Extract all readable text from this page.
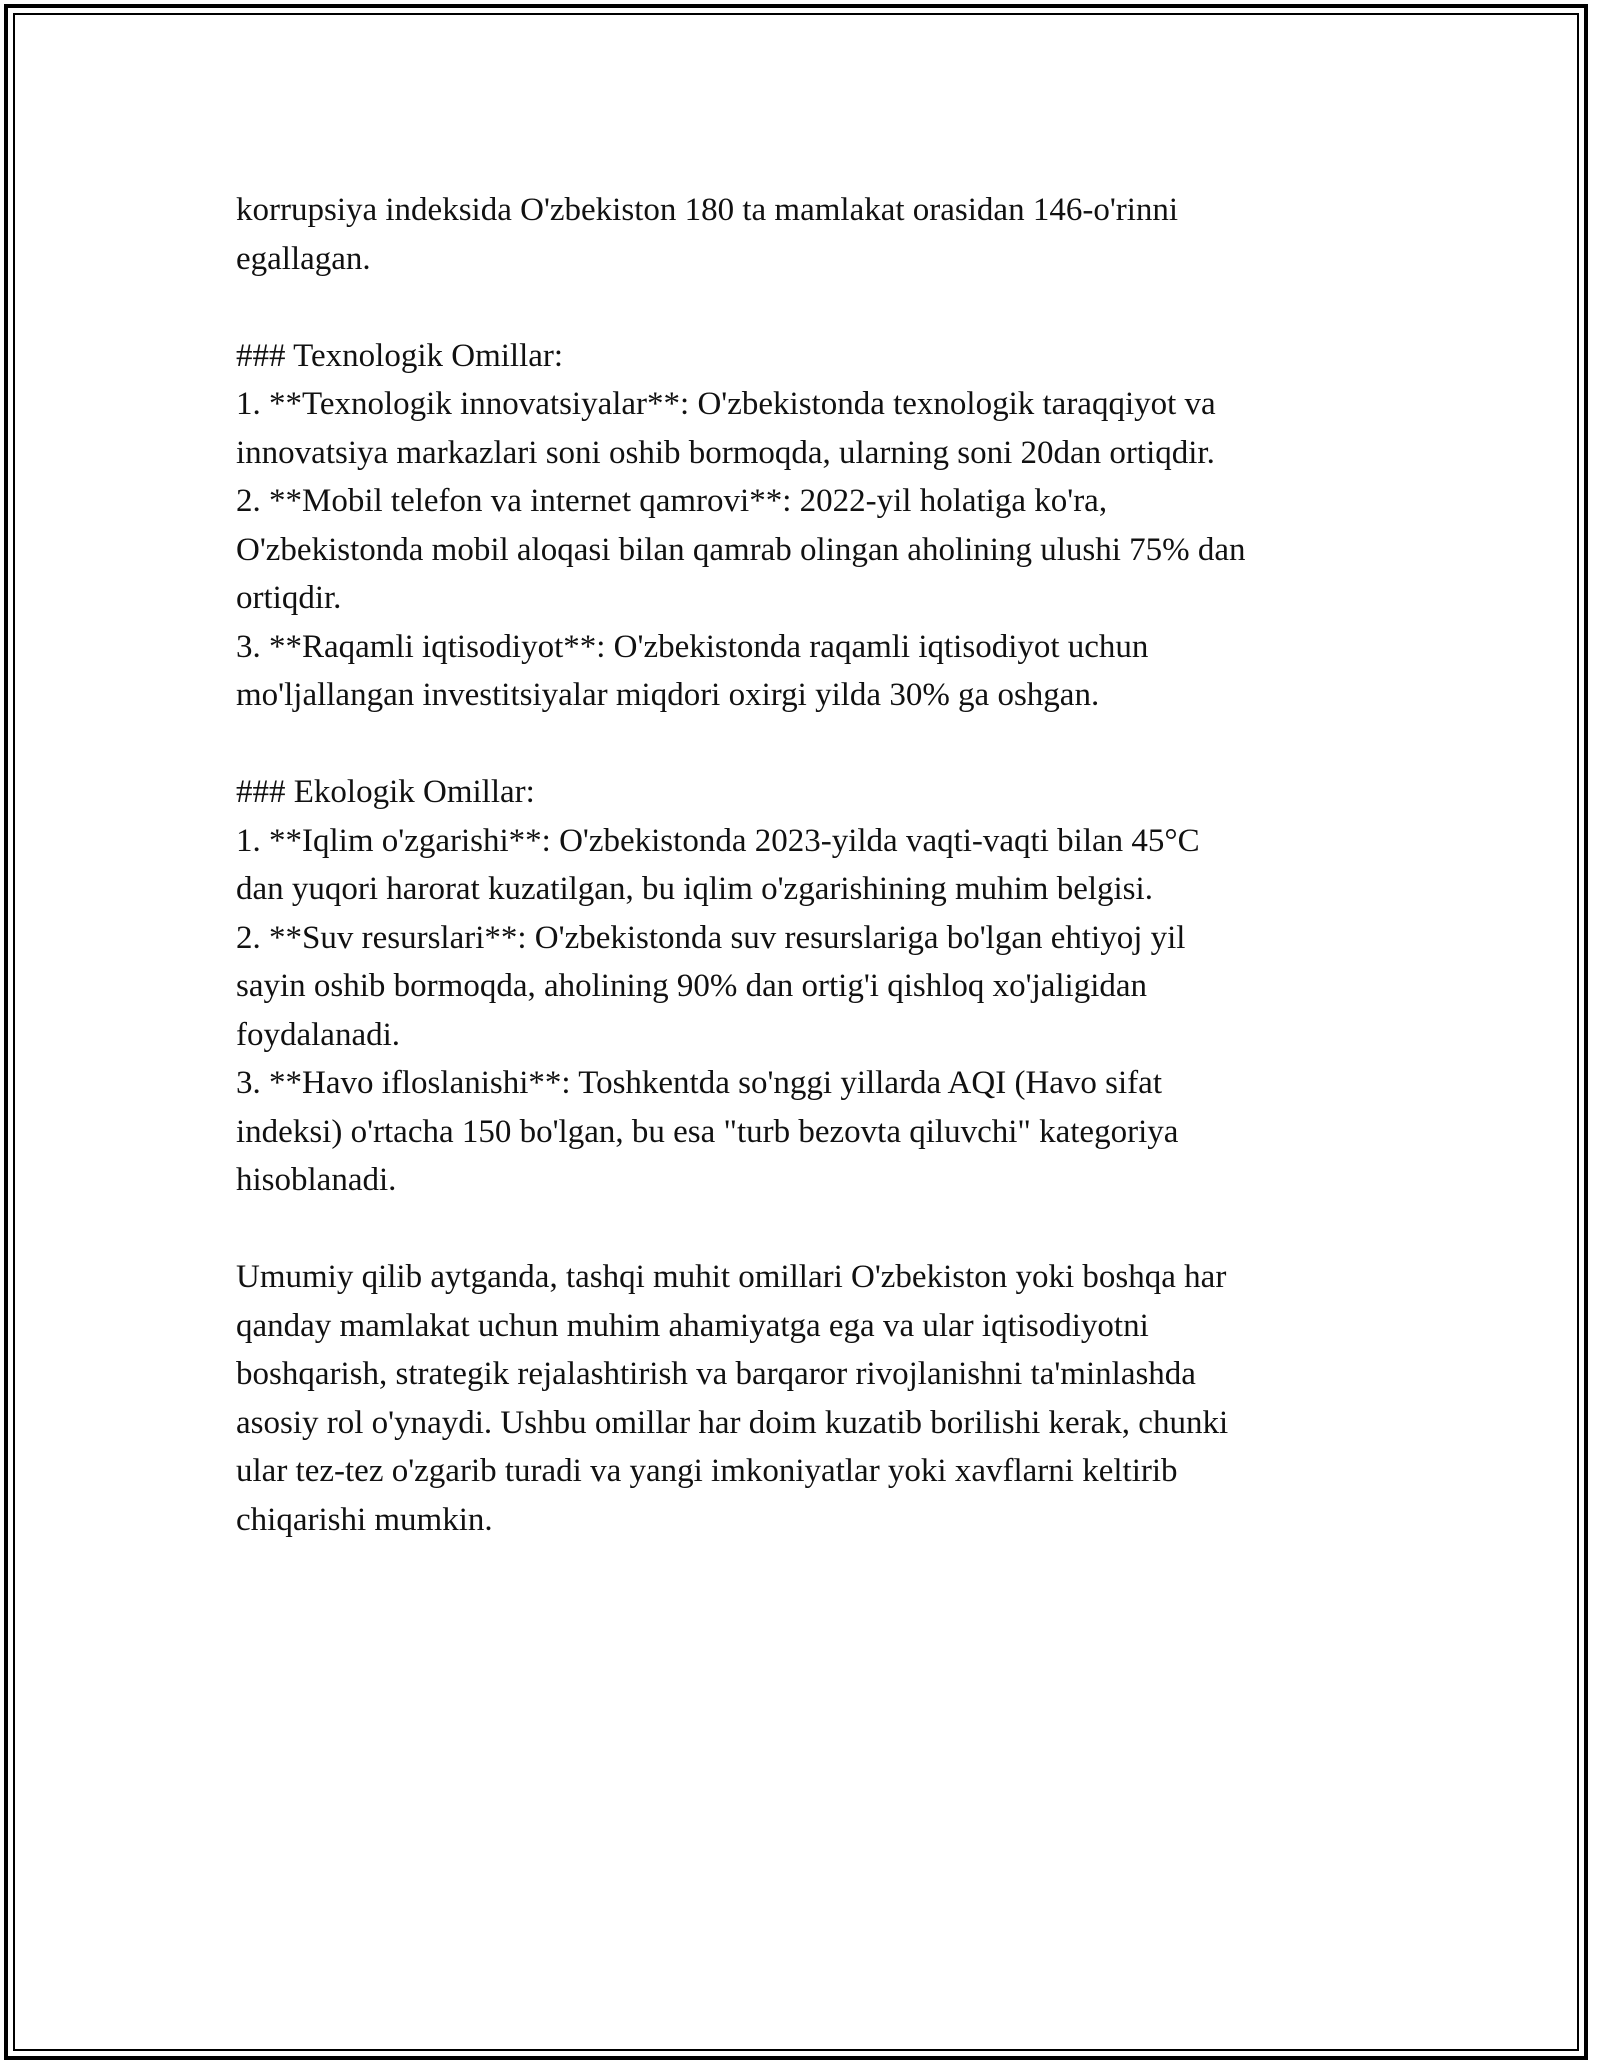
korrupsiya indeksida O'zbekiston 180 ta mamlakat orasidan 146-o'rinni
egallagan.
### Texnologik Omillar:
1. **Texnologik innovatsiyalar**: O'zbekistonda texnologik taraqqiyot va
innovatsiya markazlari soni oshib bormoqda, ularning soni 20dan ortiqdir.
2. **Mobil telefon va internet qamrovi**: 2022-yil holatiga ko'ra,
O'zbekistonda mobil aloqasi bilan qamrab olingan aholining ulushi 75% dan
ortiqdir.
3. **Raqamli iqtisodiyot**: O'zbekistonda raqamli iqtisodiyot uchun
mo'ljallangan investitsiyalar miqdori oxirgi yilda 30% ga oshgan.
### Ekologik Omillar:
1. **Iqlim o'zgarishi**: O'zbekistonda 2023-yilda vaqti-vaqti bilan 45°C
dan yuqori harorat kuzatilgan, bu iqlim o'zgarishining muhim belgisi.
2. **Suv resurslari**: O'zbekistonda suv resurslariga bo'lgan ehtiyoj yil
sayin oshib bormoqda, aholining 90% dan ortig'i qishloq xo'jaligidan
foydalanadi.
3. **Havo ifloslanishi**: Toshkentda so'nggi yillarda AQI (Havo sifat
indeksi) o'rtacha 150 bo'lgan, bu esa "turb bezovta qiluvchi" kategoriya
hisoblanadi.
Umumiy qilib aytganda, tashqi muhit omillari O'zbekiston yoki boshqa har
qanday mamlakat uchun muhim ahamiyatga ega va ular iqtisodiyotni
boshqarish, strategik rejalashtirish va barqaror rivojlanishni ta'minlashda
asosiy rol o'ynaydi. Ushbu omillar har doim kuzatib borilishi kerak, chunki
ular tez-tez o'zgarib turadi va yangi imkoniyatlar yoki xavflarni keltirib
chiqarishi mumkin.
